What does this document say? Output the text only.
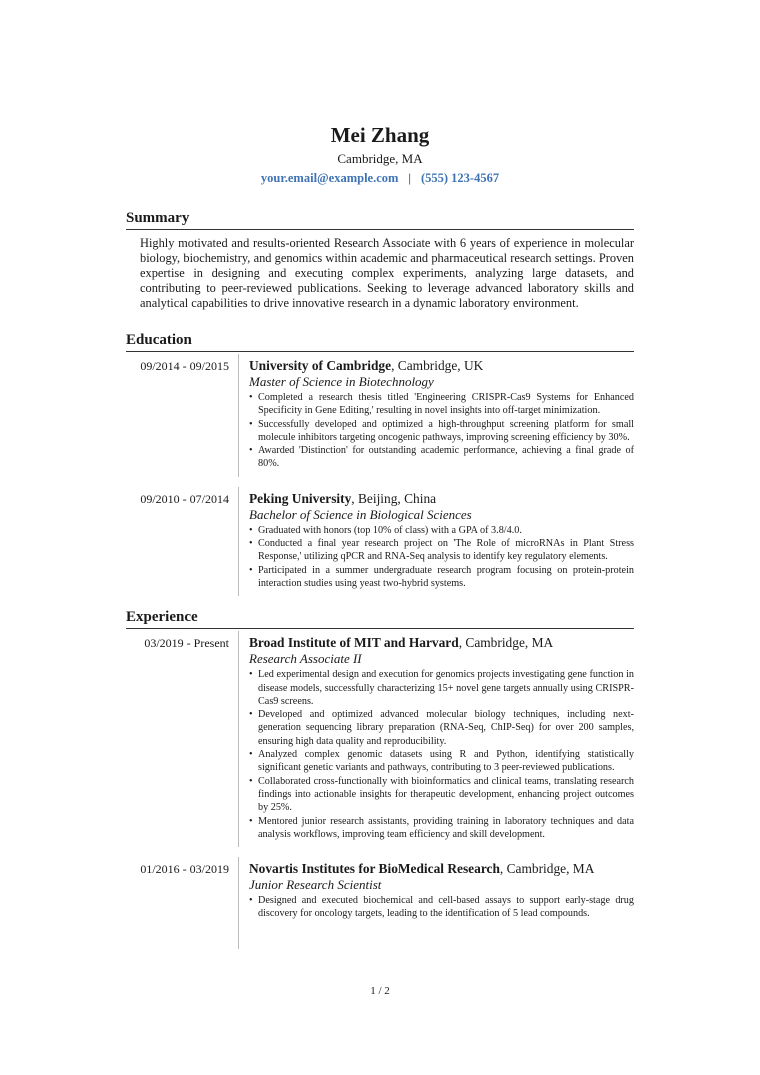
Mei Zhang
Cambridge, MA
your.email@example.com | (555) 123-4567
Summary
Highly motivated and results-oriented Research Associate with 6 years of experience in molecular biology, biochemistry, and genomics within academic and pharmaceutical research settings. Proven expertise in designing and executing complex experiments, analyzing large datasets, and contributing to peer-reviewed publications. Seeking to leverage advanced laboratory skills and analytical capabilities to drive innovative research in a dynamic laboratory environment.
Education
09/2014 - 09/2015	University of Cambridge, Cambridge, UK
Master of Science in Biotechnology
• Completed a research thesis titled 'Engineering CRISPR-Cas9 Systems for Enhanced Specificity in Gene Editing,' resulting in novel insights into off-target minimization.
• Successfully developed and optimized a high-throughput screening platform for small molecule inhibitors targeting oncogenic pathways, improving screening efficiency by 30%.
• Awarded 'Distinction' for outstanding academic performance, achieving a final grade of 80%.
09/2010 - 07/2014	Peking University, Beijing, China
Bachelor of Science in Biological Sciences
• Graduated with honors (top 10% of class) with a GPA of 3.8/4.0.
• Conducted a final year research project on 'The Role of microRNAs in Plant Stress Response,' utilizing qPCR and RNA-Seq analysis to identify key regulatory elements.
• Participated in a summer undergraduate research program focusing on protein-protein interaction studies using yeast two-hybrid systems.
Experience
03/2019 - Present	Broad Institute of MIT and Harvard, Cambridge, MA
Research Associate II
• Led experimental design and execution for genomics projects investigating gene function in disease models, successfully characterizing 15+ novel gene targets annually using CRISPR-Cas9 screens.
• Developed and optimized advanced molecular biology techniques, including next-generation sequencing library preparation (RNA-Seq, ChIP-Seq) for over 200 samples, ensuring high data quality and reproducibility.
• Analyzed complex genomic datasets using R and Python, identifying statistically significant genetic variants and pathways, contributing to 3 peer-reviewed publications.
• Collaborated cross-functionally with bioinformatics and clinical teams, translating research findings into actionable insights for therapeutic development, enhancing project outcomes by 25%.
• Mentored junior research assistants, providing training in laboratory techniques and data analysis workflows, improving team efficiency and skill development.
01/2016 - 03/2019	Novartis Institutes for BioMedical Research, Cambridge, MA
Junior Research Scientist
• Designed and executed biochemical and cell-based assays to support early-stage drug discovery for oncology targets, leading to the identification of 5 lead compounds.
1 / 2
